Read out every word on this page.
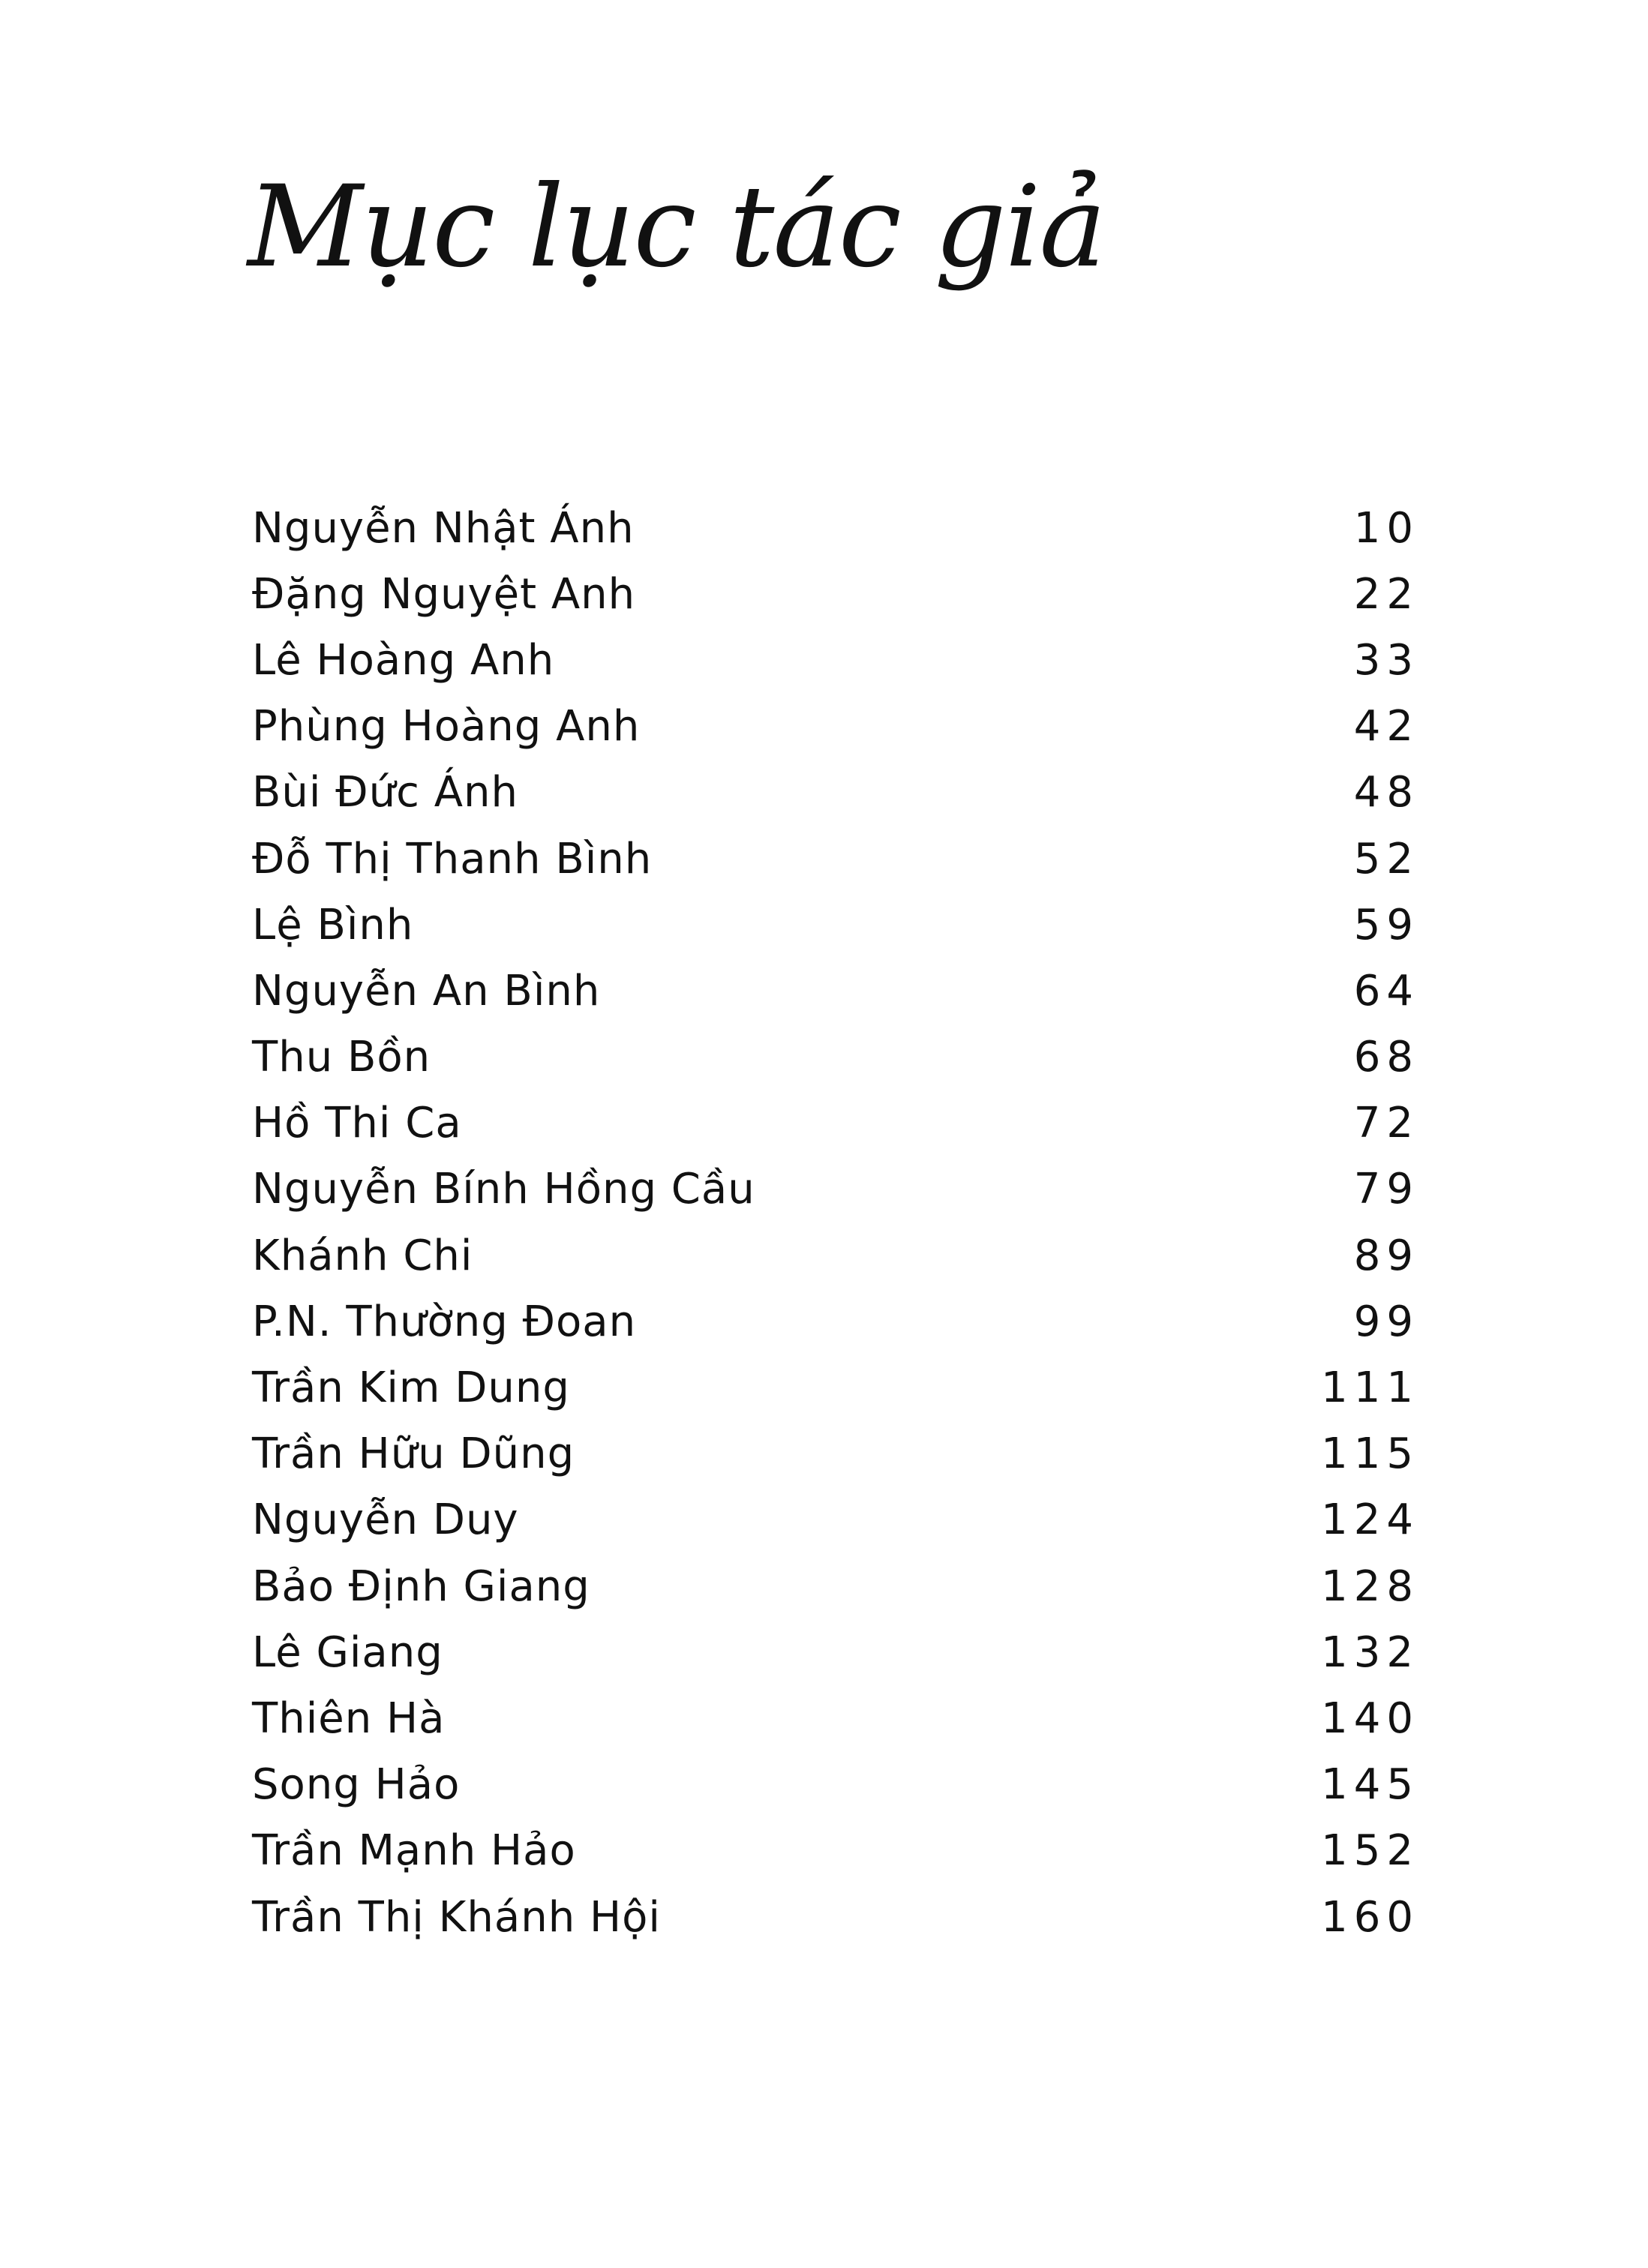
Mục lục tác giả
Nguyễn Nhật Ánh	10
Đặng Nguyệt Anh	22
Lê Hoàng Anh	33
Phùng Hoàng Anh	42
Bùi Đức Ánh	48
Đỗ Thị Thanh Bình	52
Lệ Bình	59
Nguyễn An Bình	64
Thu Bồn	68
Hồ Thi Ca	72
Nguyễn Bính Hồng Cầu	79
Khánh Chi	89
P.N. Thường Đoan	99
Trần Kim Dung	111
Trần Hữu Dũng	115
Nguyễn Duy	124
Bảo Định Giang	128
Lê Giang	132
Thiên Hà	140
Song Hảo	145
Trần Mạnh Hảo	152
Trần Thị Khánh Hội	160
